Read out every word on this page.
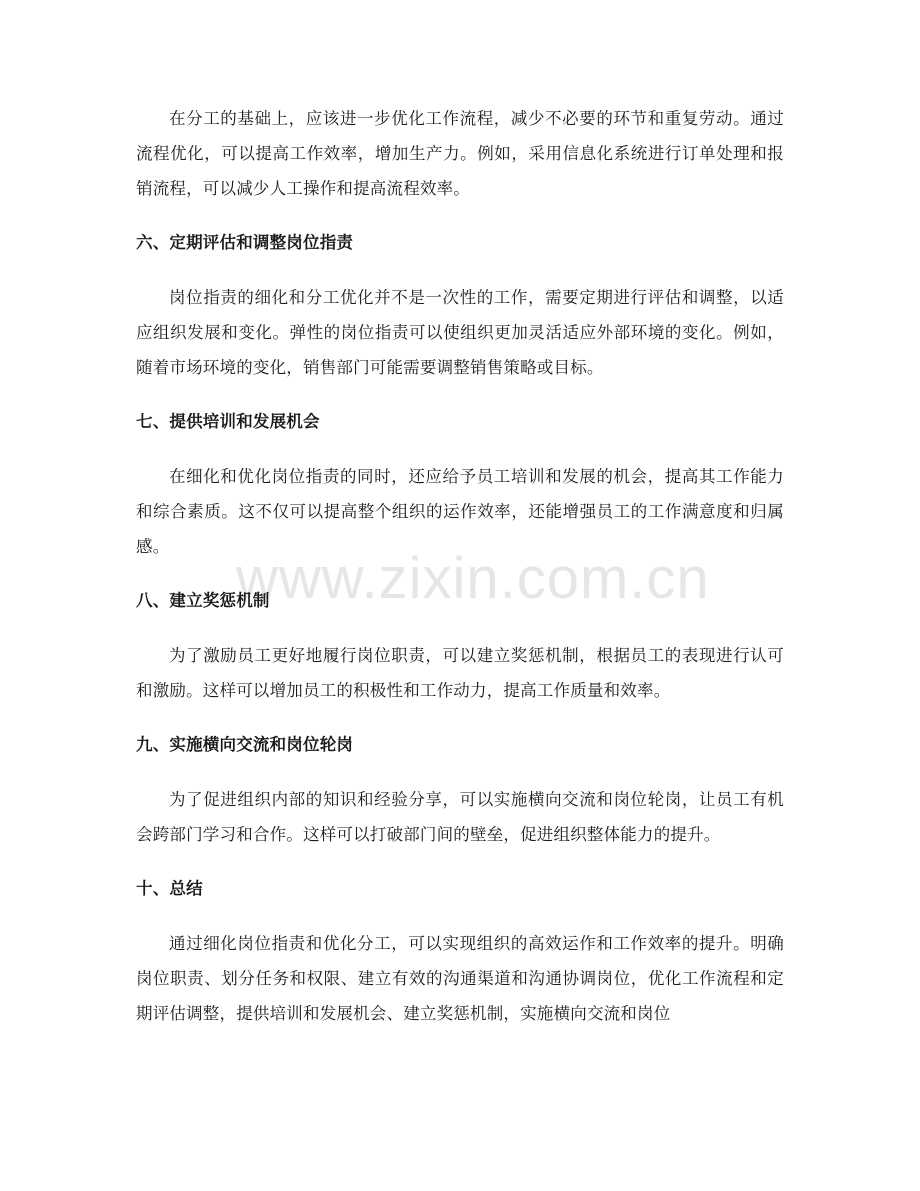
www.zixin.com.cn

在分工的基础上，应该进一步优化工作流程，减少不必要的环节和重复劳动。通过流程优化，可以提高工作效率，增加生产力。例如，采用信息化系统进行订单处理和报销流程，可以减少人工操作和提高流程效率。

六、定期评估和调整岗位指责

岗位指责的细化和分工优化并不是一次性的工作，需要定期进行评估和调整，以适应组织发展和变化。弹性的岗位指责可以使组织更加灵活适应外部环境的变化。例如，随着市场环境的变化，销售部门可能需要调整销售策略或目标。

七、提供培训和发展机会

在细化和优化岗位指责的同时，还应给予员工培训和发展的机会，提高其工作能力和综合素质。这不仅可以提高整个组织的运作效率，还能增强员工的工作满意度和归属感。

八、建立奖惩机制

为了激励员工更好地履行岗位职责，可以建立奖惩机制，根据员工的表现进行认可和激励。这样可以增加员工的积极性和工作动力，提高工作质量和效率。

九、实施横向交流和岗位轮岗

为了促进组织内部的知识和经验分享，可以实施横向交流和岗位轮岗，让员工有机会跨部门学习和合作。这样可以打破部门间的壁垒，促进组织整体能力的提升。

十、总结

通过细化岗位指责和优化分工，可以实现组织的高效运作和工作效率的提升。明确岗位职责、划分任务和权限、建立有效的沟通渠道和沟通协调岗位，优化工作流程和定期评估调整，提供培训和发展机会、建立奖惩机制，实施横向交流和岗位
